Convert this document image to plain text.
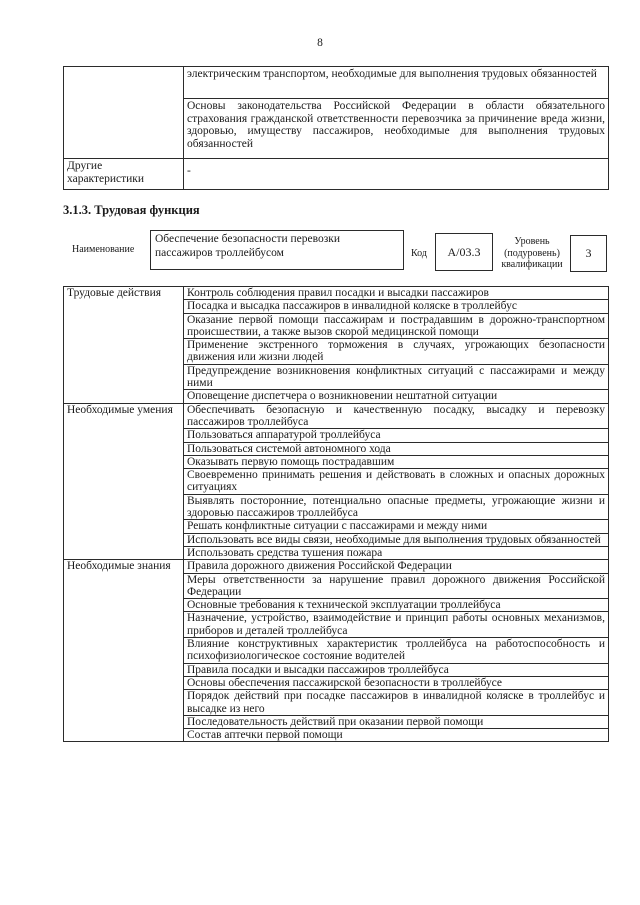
8
	электрическим транспортом, необходимые для выполнения трудовых обязанностей
	Основы законодательства Российской Федерации в области обязательного страхования гражданской ответственности перевозчика за причинение вреда жизни, здоровью, имуществу пассажиров, необходимые для выполнения трудовых обязанностей
Другие характеристики	-
3.1.3. Трудовая функция
Наименование
Обеспечение безопасности перевозки пассажиров троллейбусом	Код	A/03.3
Уровень (подуровень) квалификации
3
Трудовые действия	Контроль соблюдения правил посадки и высадки пассажиров
	Посадка и высадка пассажиров в инвалидной коляске в троллейбус
	Оказание первой помощи пассажирам и пострадавшим в дорожно-транспортном происшествии, а также вызов скорой медицинской помощи
	Применение экстренного торможения в случаях, угрожающих безопасности движения или жизни людей
	Предупреждение возникновения конфликтных ситуаций с пассажирами и между ними
	Оповещение диспетчера о возникновении нештатной ситуации
Необходимые умения	Обеспечивать безопасную и качественную посадку, высадку и перевозку пассажиров троллейбуса
	Пользоваться аппаратурой троллейбуса
	Пользоваться системой автономного хода
	Оказывать первую помощь пострадавшим
	Своевременно принимать решения и действовать в сложных и опасных дорожных ситуациях
	Выявлять посторонние, потенциально опасные предметы, угрожающие жизни и здоровью пассажиров троллейбуса
	Решать конфликтные ситуации с пассажирами и между ними
	Использовать все виды связи, необходимые для выполнения трудовых обязанностей
	Использовать средства тушения пожара
Необходимые знания	Правила дорожного движения Российской Федерации
	Меры ответственности за нарушение правил дорожного движения Российской Федерации
	Основные требования к технической эксплуатации троллейбуса
	Назначение, устройство, взаимодействие и принцип работы основных механизмов, приборов и деталей троллейбуса
	Влияние конструктивных характеристик троллейбуса на работоспособность и психофизиологическое состояние водителей
	Правила посадки и высадки пассажиров троллейбуса
	Основы обеспечения пассажирской безопасности в троллейбусе
	Порядок действий при посадке пассажиров в инвалидной коляске в троллейбус и высадке из него
	Последовательность действий при оказании первой помощи
	Состав аптечки первой помощи
